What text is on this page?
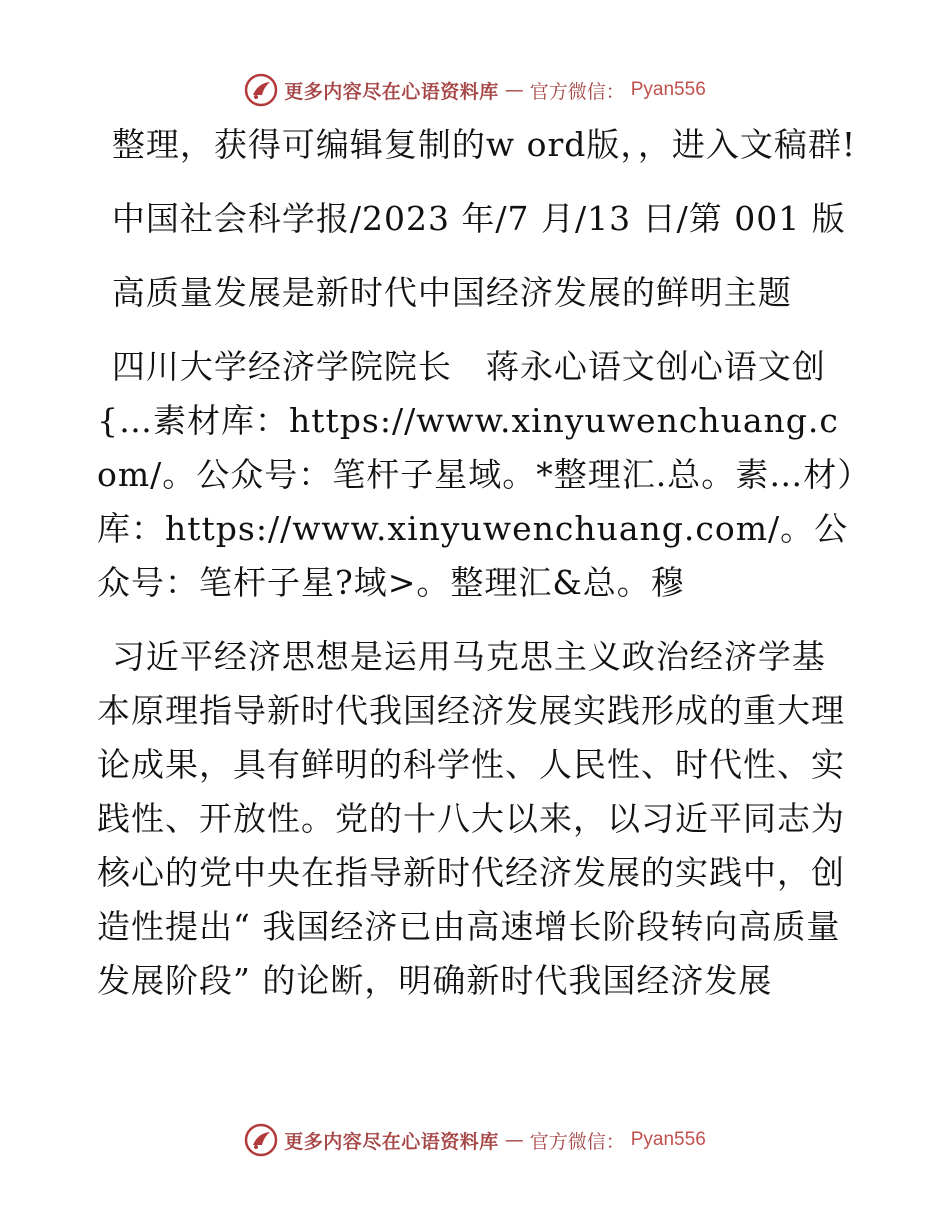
更多内容尽在心语资料库 — 官方微信： Pyan556

整理，获得可编辑复制的w ord版，，进入文稿群!

中国社会科学报/2023 年/7 月/13 日/第 001 版

高质量发展是新时代中国经济发展的鲜明主题

四川大学经济学院院长　蒋永心语文创心语文创{…素材库：https://www.xinyuwenchuang.com/。公众号：笔杆子星域。*整理汇.总。素…材）库：https://www.xinyuwenchuang.com/。公众号：笔杆子星?域>。整理汇&总。穆

习近平经济思想是运用马克思主义政治经济学基本原理指导新时代我国经济发展实践形成的重大理论成果，具有鲜明的科学性、人民性、时代性、实践性、开放性。党的十八大以来，以习近平同志为核心的党中央在指导新时代经济发展的实践中，创造性提出“ 我国经济已由高速增长阶段转向高质量发展阶段” 的论断，明确新时代我国经济发展

更多内容尽在心语资料库 — 官方微信： Pyan556
